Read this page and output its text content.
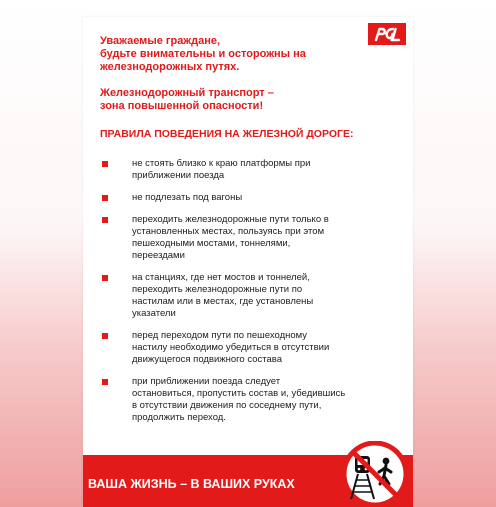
Уважаемые граждане,
будьте внимательны и осторожны на
железнодорожных путях.
Железнодорожный транспорт –
зона повышенной опасности!
ПРАВИЛА ПОВЕДЕНИЯ НА ЖЕЛЕЗНОЙ ДОРОГЕ:
не стоять близко к краю платформы при
приближении поезда
не подлезать под вагоны
переходить железнодорожные пути только в
установленных местах, пользуясь при этом
пешеходными мостами, тоннелями,
переездами
на станциях, где нет мостов и тоннелей,
переходить железнодорожные пути по
настилам или в местах, где установлены
указатели
перед переходом пути по пешеходному
настилу необходимо убедиться в отсутствии
движущегося подвижного состава
при приближении поезда следует
остановиться, пропустить состав и, убедившись
в отсутствии движения по соседнему пути,
продолжить переход.

ВАША ЖИЗНЬ – В ВАШИХ РУКАХ
